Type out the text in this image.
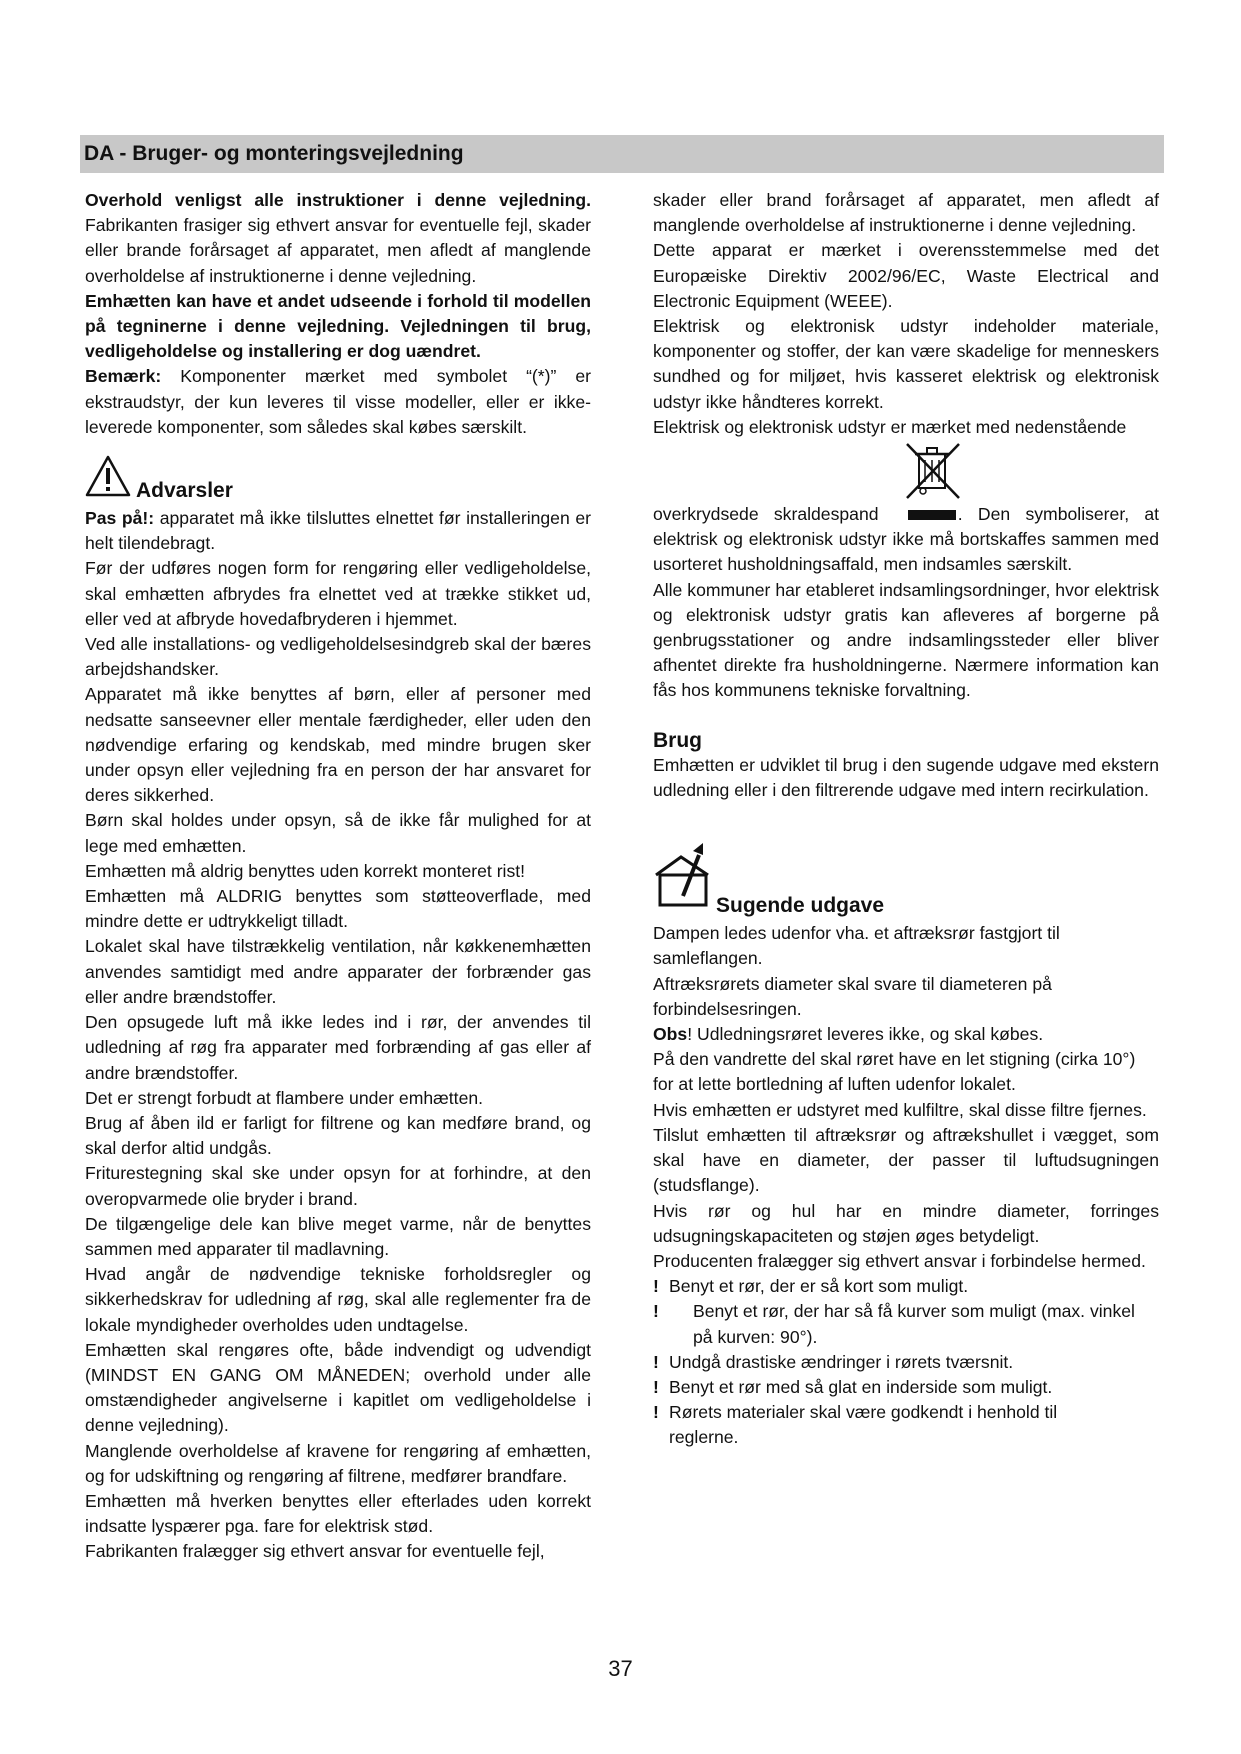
DA - Bruger- og monteringsvejledning

Overhold venligst alle instruktioner i denne vejledning. Fabrikanten frasiger sig ethvert ansvar for eventuelle fejl, skader eller brande forårsaget af apparatet, men afledt af manglende overholdelse af instruktionerne i denne vejledning.

Emhætten kan have et andet udseende i forhold til modellen på tegninerne i denne vejledning. Vejledningen til brug, vedligeholdelse og installering er dog uændret.

Bemærk: Komponenter mærket med symbolet “(*)” er ekstraudstyr, der kun leveres til visse modeller, eller er ikke-leverede komponenter, som således skal købes særskilt.

Advarsler

Pas på!: apparatet må ikke tilsluttes elnettet før installeringen er helt tilendebragt.

Før der udføres nogen form for rengøring eller vedligeholdelse, skal emhætten afbrydes fra elnettet ved at trække stikket ud, eller ved at afbryde hovedafbryderen i hjemmet.

Ved alle installations- og vedligeholdelsesindgreb skal der bæres arbejdshandsker.

Apparatet må ikke benyttes af børn, eller af personer med nedsatte sanseevner eller mentale færdigheder, eller uden den nødvendige erfaring og kendskab, med mindre brugen sker under opsyn eller vejledning fra en person der har ansvaret for deres sikkerhed.

Børn skal holdes under opsyn, så de ikke får mulighed for at lege med emhætten.

Emhætten må aldrig benyttes uden korrekt monteret rist!

Emhætten må ALDRIG benyttes som støtteoverflade, med mindre dette er udtrykkeligt tilladt.

Lokalet skal have tilstrækkelig ventilation, når køkkenemhætten anvendes samtidigt med andre apparater der forbrænder gas eller andre brændstoffer.

Den opsugede luft må ikke ledes ind i rør, der anvendes til udledning af røg fra apparater med forbrænding af gas eller af andre brændstoffer.

Det er strengt forbudt at flambere under emhætten.

Brug af åben ild er farligt for filtrene og kan medføre brand, og skal derfor altid undgås.

Friturestegning skal ske under opsyn for at forhindre, at den overopvarmede olie bryder i brand.

De tilgængelige dele kan blive meget varme, når de benyttes sammen med apparater til madlavning.

Hvad angår de nødvendige tekniske forholdsregler og sikkerhedskrav for udledning af røg, skal alle reglementer fra de lokale myndigheder overholdes uden undtagelse.

Emhætten skal rengøres ofte, både indvendigt og udvendigt (MINDST EN GANG OM MÅNEDEN; overhold under alle omstændigheder angivelserne i kapitlet om vedligeholdelse i denne vejledning).

Manglende overholdelse af kravene for rengøring af emhætten, og for udskiftning og rengøring af filtrene, medfører brandfare.

Emhætten må hverken benyttes eller efterlades uden korrekt indsatte lyspærer pga. fare for elektrisk stød.

Fabrikanten fralægger sig ethvert ansvar for eventuelle fejl,

skader eller brand forårsaget af apparatet, men afledt af manglende overholdelse af instruktionerne i denne vejledning.

Dette apparat er mærket i overensstemmelse med det Europæiske Direktiv 2002/96/EC, Waste Electrical and Electronic Equipment (WEEE).

Elektrisk og elektronisk udstyr indeholder materiale, komponenter og stoffer, der kan være skadelige for menneskers sundhed og for miljøet, hvis kasseret elektrisk og elektronisk udstyr ikke håndteres korrekt.

Elektrisk og elektronisk udstyr er mærket med nedenstående

overkrydsede skraldespand	. Den symboliserer, at elektrisk og elektronisk udstyr ikke må bortskaffes sammen med usorteret husholdningsaffald, men indsamles særskilt.

Alle kommuner har etableret indsamlingsordninger, hvor elektrisk og elektronisk udstyr gratis kan afleveres af borgerne på genbrugsstationer og andre indsamlingssteder eller bliver afhentet direkte fra husholdningerne. Nærmere information kan fås hos kommunens tekniske forvaltning.

Brug

Emhætten er udviklet til brug i den sugende udgave med ekstern udledning eller i den filtrerende udgave med intern recirkulation.

Sugende udgave

Dampen ledes udenfor vha. et aftræksrør fastgjort til samleflangen.

Aftræksrørets diameter skal svare til diameteren på forbindelsesringen.

Obs! Udledningsrøret leveres ikke, og skal købes.

På den vandrette del skal røret have en let stigning (cirka 10°) for at lette bortledning af luften udenfor lokalet.

Hvis emhætten er udstyret med kulfiltre, skal disse filtre fjernes.

Tilslut emhætten til aftræksrør og aftrækshullet i vægget, som skal have en diameter, der passer til luftudsugningen (studsflange).

Hvis rør og hul har en mindre diameter, forringes udsugningskapaciteten og støjen øges betydeligt.

Producenten fralægger sig ethvert ansvar i forbindelse hermed.

! Benyt et rør, der er så kort som muligt.
!	Benyt et rør, der har så få kurver som muligt (max. vinkel på kurven: 90°).
! Undgå drastiske ændringer i rørets tværsnit.
! Benyt et rør med så glat en inderside som muligt.
! Rørets materialer skal være godkendt i henhold til reglerne.
37
